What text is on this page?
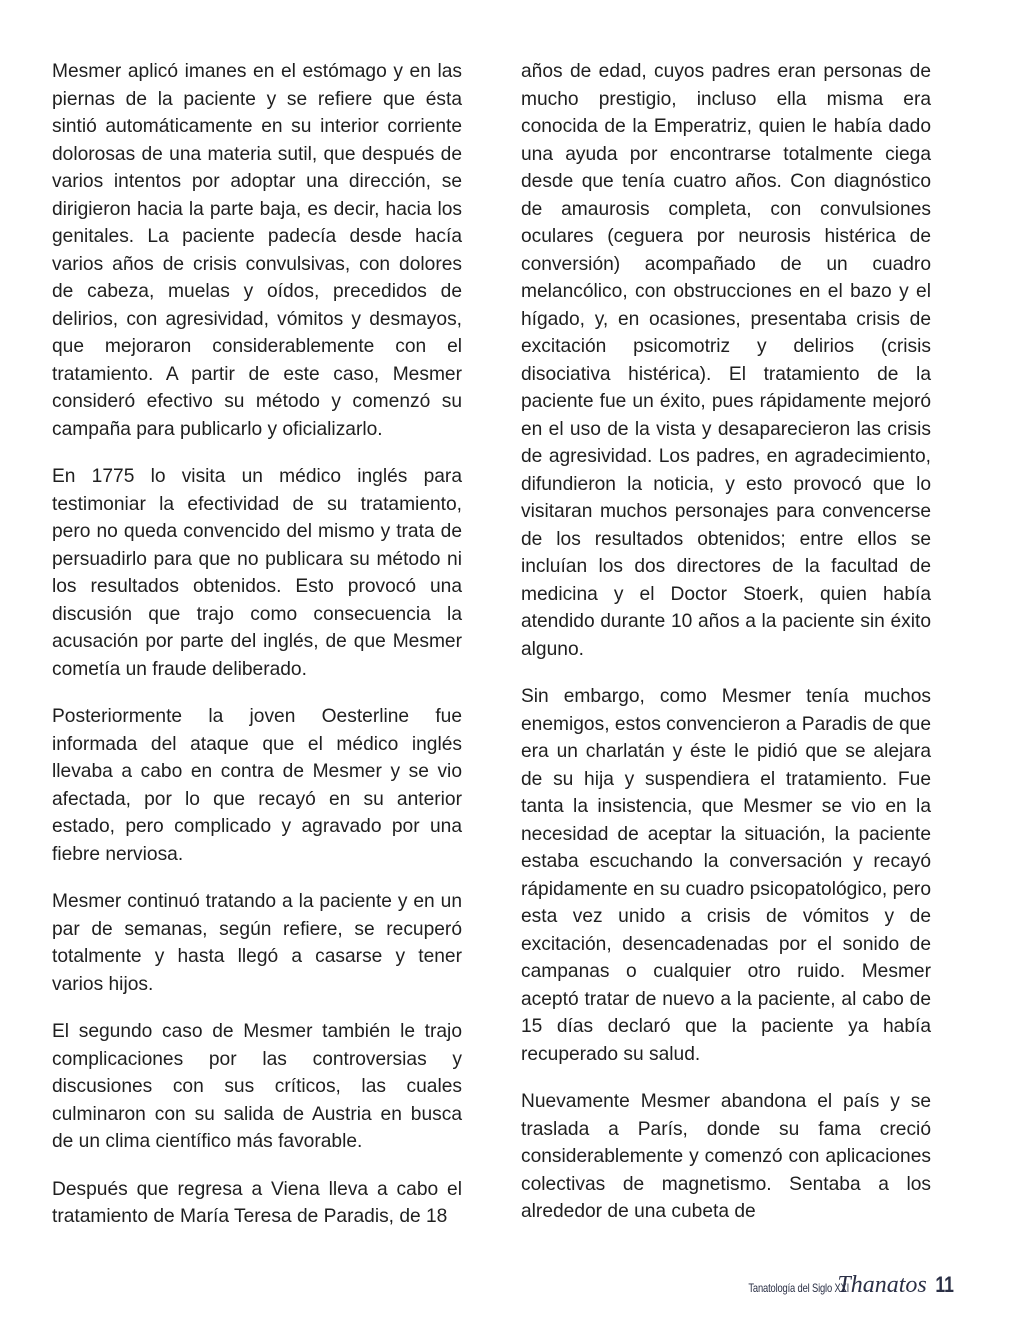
Mesmer aplicó imanes en el estómago y en las piernas de la paciente y se refiere que ésta sintió automáticamente en su interior corriente dolorosas de una materia sutil, que después de varios intentos por adoptar una dirección, se dirigieron hacia la parte baja, es decir, hacia los genitales. La paciente padecía desde hacía varios años de crisis convulsivas, con dolores de cabeza, muelas y oídos, precedidos de delirios, con agresividad, vómitos y desmayos, que mejoraron considerablemente con el tratamiento. A partir de este caso, Mesmer consideró efectivo su método y comenzó su campaña para publicarlo y oficializarlo.

En 1775 lo visita un médico inglés para testimoniar la efectividad de su tratamiento, pero no queda convencido del mismo y trata de persuadirlo para que no publicara su método ni los resultados obtenidos. Esto provocó una discusión que trajo como consecuencia la acusación por parte del inglés, de que Mesmer cometía un fraude deliberado.

Posteriormente la joven Oesterline fue informada del ataque que el médico inglés llevaba a cabo en contra de Mesmer y se vio afectada, por lo que recayó en su anterior estado, pero complicado y agravado por una fiebre nerviosa.

Mesmer continuó tratando a la paciente y en un par de semanas, según refiere, se recuperó totalmente y hasta llegó a casarse y tener varios hijos.

El segundo caso de Mesmer también le trajo complicaciones por las controversias y discusiones con sus críticos, las cuales culminaron con su salida de Austria en busca de un clima científico más favorable.

Después que regresa a Viena lleva a cabo el tratamiento de María Teresa de Paradis, de 18

años de edad, cuyos padres eran personas de mucho prestigio, incluso ella misma era conocida de la Emperatriz, quien le había dado una ayuda por encontrarse totalmente ciega desde que tenía cuatro años. Con diagnóstico de amaurosis completa, con convulsiones oculares (ceguera por neurosis histérica de conversión) acompañado de un cuadro melancólico, con obstrucciones en el bazo y el hígado, y, en ocasiones, presentaba crisis de excitación psicomotriz y delirios (crisis disociativa histérica). El tratamiento de la paciente fue un éxito, pues rápidamente mejoró en el uso de la vista y desaparecieron las crisis de agresividad. Los padres, en agradecimiento, difundieron la noticia, y esto provocó que lo visitaran muchos personajes para convencerse de los resultados obtenidos; entre ellos se incluían los dos directores de la facultad de medicina y el Doctor Stoerk, quien había atendido durante 10 años a la paciente sin éxito alguno.

Sin embargo, como Mesmer tenía muchos enemigos, estos convencieron a Paradis de que era un charlatán y éste le pidió que se alejara de su hija y suspendiera el tratamiento. Fue tanta la insistencia, que Mesmer se vio en la necesidad de aceptar la situación, la paciente estaba escuchando la conversación y recayó rápidamente en su cuadro psicopatológico, pero esta vez unido a crisis de vómitos y de excitación, desencadenadas por el sonido de campanas o cualquier otro ruido. Mesmer aceptó tratar de nuevo a la paciente, al cabo de 15 días declaró que la paciente ya había recuperado su salud.

Nuevamente Mesmer abandona el país y se traslada a París, donde su fama creció considerablemente y comenzó con aplicaciones colectivas de magnetismo. Sentaba a los alrededor de una cubeta de

Tanatología del Siglo XXI
Thanatos 11
